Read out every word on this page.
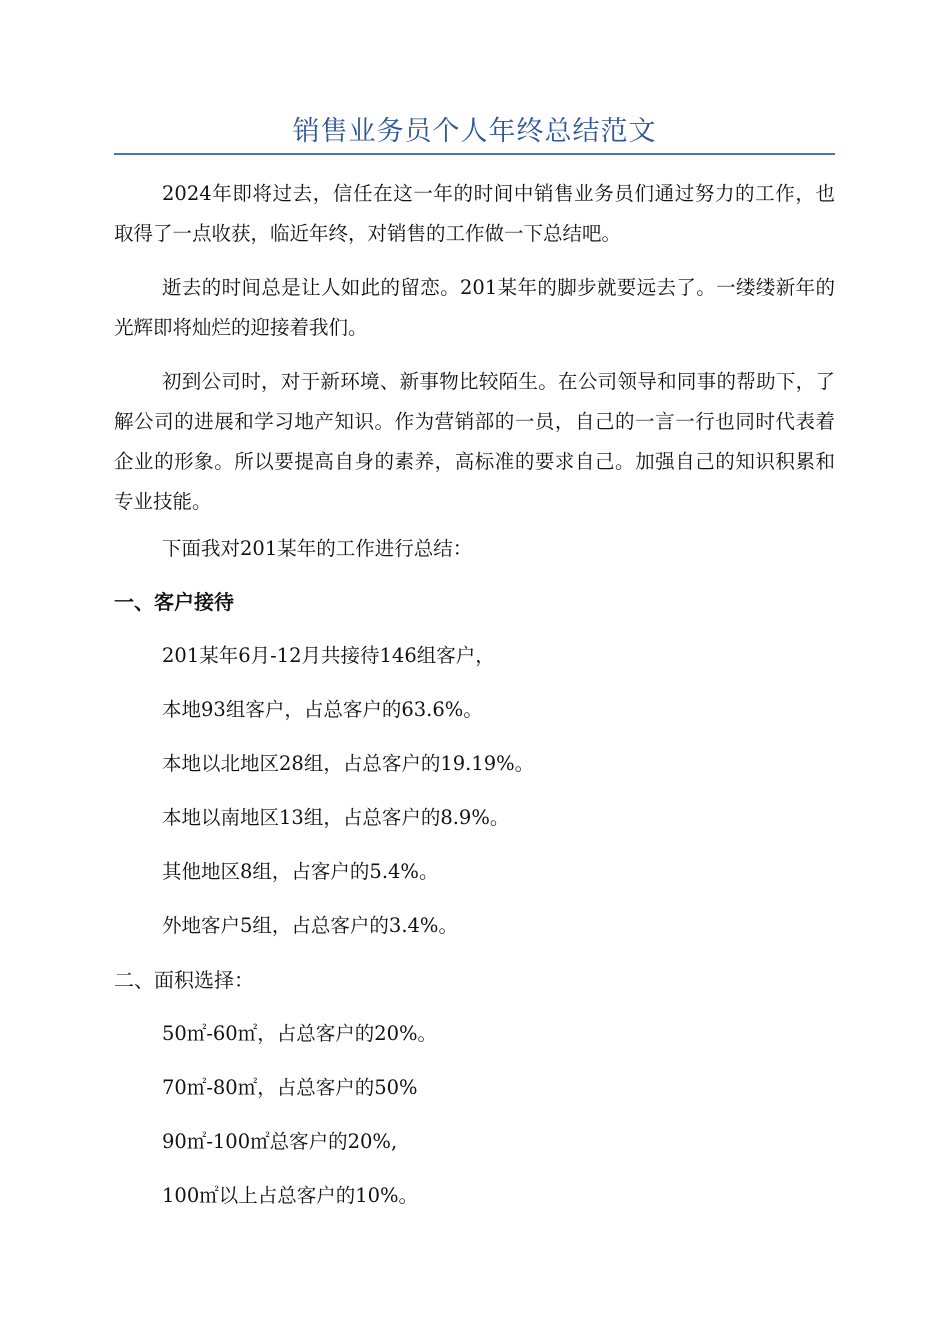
销售业务员个人年终总结范文

2024年即将过去，信任在这一年的时间中销售业务员们通过努力的工作，也取得了一点收获，临近年终，对销售的工作做一下总结吧。

逝去的时间总是让人如此的留恋。201某年的脚步就要远去了。一缕缕新年的光辉即将灿烂的迎接着我们。

初到公司时，对于新环境、新事物比较陌生。在公司领导和同事的帮助下，了解公司的进展和学习地产知识。作为营销部的一员，自己的一言一行也同时代表着企业的形象。所以要提高自身的素养，高标准的要求自己。加强自己的知识积累和专业技能。

下面我对201某年的工作进行总结：

一、客户接待

201某年6月-12月共接待146组客户，

本地93组客户，占总客户的63.6%。

本地以北地区28组，占总客户的19.19%。

本地以南地区13组，占总客户的8.9%。

其他地区8组，占客户的5.4%。

外地客户5组，占总客户的3.4%。

二、面积选择：

50㎡-60㎡，占总客户的20%。

70㎡-80㎡，占总客户的50%

90㎡-100㎡总客户的20%,

100㎡以上占总客户的10%。
